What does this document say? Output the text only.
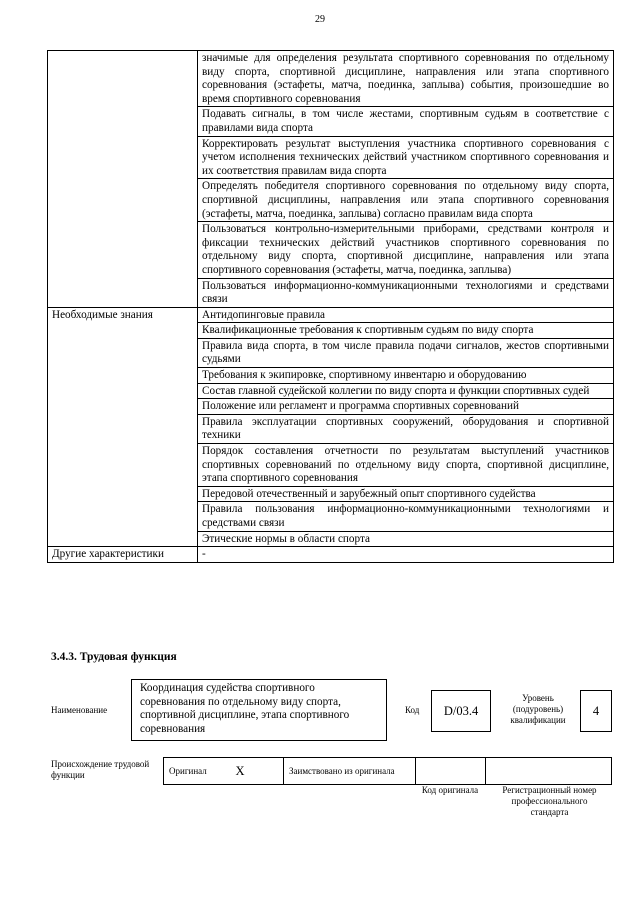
29
	значимые для определения результата спортивного соревнования по отдельному виду спорта, спортивной дисциплине, направления или этапа спортивного соревнования (эстафеты, матча, поединка, заплыва) события, произошедшие во время спортивного соревнования
	Подавать сигналы, в том числе жестами, спортивным судьям в соответствие с правилами вида спорта
	Корректировать результат выступления участника спортивного соревнования с учетом исполнения технических действий участником спортивного соревнования и их соответствия правилам вида спорта
	Определять победителя спортивного соревнования по отдельному виду спорта, спортивной дисциплины, направления или этапа спортивного соревнования (эстафеты, матча, поединка, заплыва) согласно правилам вида спорта
	Пользоваться контрольно-измерительными приборами, средствами контроля и фиксации технических действий участников спортивного соревнования по отдельному виду спорта, спортивной дисциплине, направления или этапа спортивного соревнования (эстафеты, матча, поединка, заплыва)
	Пользоваться информационно-коммуникационными технологиями и средствами связи
Необходимые знания	Антидопинговые правила
	Квалификационные требования к спортивным судьям по виду спорта
	Правила вида спорта, в том числе правила подачи сигналов, жестов спортивными судьями
	Требования к экипировке, спортивному инвентарю и оборудованию
	Состав главной судейской коллегии по виду спорта и функции спортивных судей
	Положение или регламент и программа спортивных соревнований
	Правила эксплуатации спортивных сооружений, оборудования и спортивной техники
	Порядок составления отчетности по результатам выступлений участников спортивных соревнований по отдельному виду спорта, спортивной дисциплине, этапа спортивного соревнования
	Передовой отечественный и зарубежный опыт спортивного судейства
	Правила пользования информационно-коммуникационными технологиями и средствами связи
	Этические нормы в области спорта
Другие характеристики	-
3.4.3. Трудовая функция
Наименование
Координация судейства спортивного соревнования по отдельному виду спорта, спортивной дисциплине, этапа спортивного соревнования
Код	D/03.4
Уровень (подуровень) квалификации
4
Происхождение трудовой функции	Оригинал	X	Заимствовано из оригинала		
Код оригинала	Регистрационный номер профессионального стандарта
